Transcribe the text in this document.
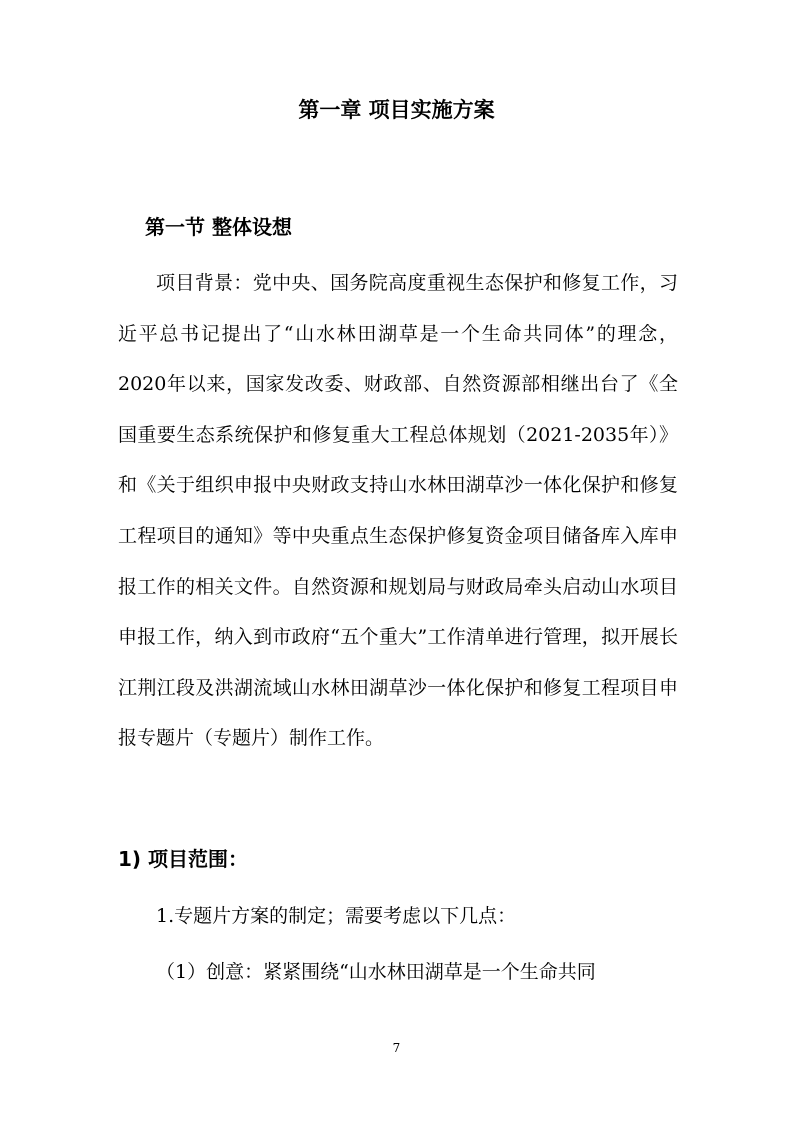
第一章 项目实施方案
第一节 整体设想

项目背景：党中央、国务院高度重视生态保护和修复工作，习近平总书记提出了“山水林田湖草是一个生命共同体”的理念，2020年以来，国家发改委、财政部、自然资源部相继出台了《全国重要生态系统保护和修复重大工程总体规划（2021-2035年）》和《关于组织申报中央财政支持山水林田湖草沙一体化保护和修复工程项目的通知》等中央重点生态保护修复资金项目储备库入库申报工作的相关文件。自然资源和规划局与财政局牵头启动山水项目申报工作，纳入到市政府“五个重大”工作清单进行管理，拟开展长江荆江段及洪湖流域山水林田湖草沙一体化保护和修复工程项目申报专题片（专题片）制作工作。

1) 项目范围：

1.专题片方案的制定；需要考虑以下几点：

（1）创意：紧紧围绕“山水林田湖草是一个生命共同

7
